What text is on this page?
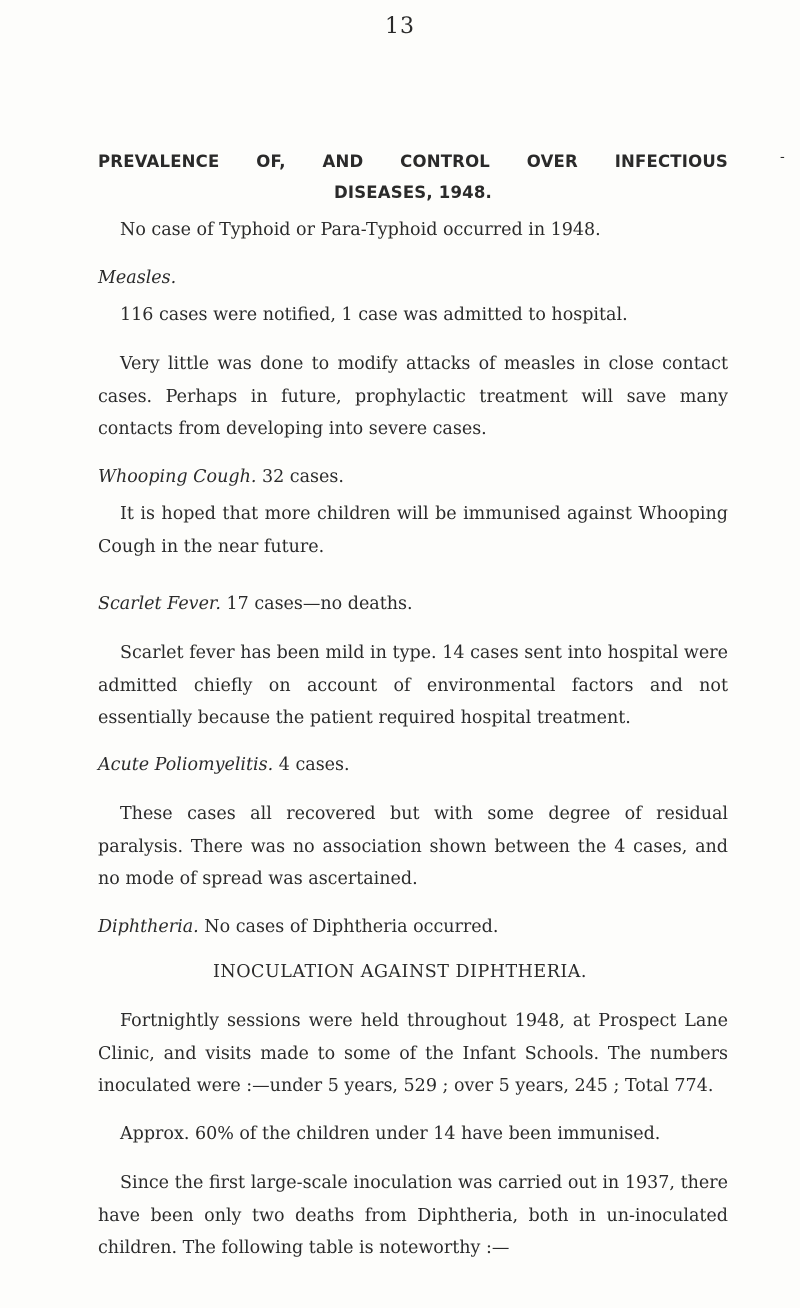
13
-
PREVALENCE OF, AND CONTROL OVER INFECTIOUS
DISEASES, 1948.

No case of Typhoid or Para-Typhoid occurred in 1948.

Measles.

116 cases were notified, 1 case was admitted to hospital.

Very little was done to modify attacks of measles in close contact cases. Perhaps in future, prophylactic treatment will save many contacts from developing into severe cases.

Whooping Cough. 32 cases.

It is hoped that more children will be immunised against Whooping Cough in the near future.

Scarlet Fever. 17 cases—no deaths.

Scarlet fever has been mild in type. 14 cases sent into hospital were admitted chiefly on account of environmental factors and not essentially because the patient required hospital treatment.

Acute Poliomyelitis. 4 cases.

These cases all recovered but with some degree of residual paralysis. There was no association shown between the 4 cases, and no mode of spread was ascertained.

Diphtheria. No cases of Diphtheria occurred.

INOCULATION AGAINST DIPHTHERIA.

Fortnightly sessions were held throughout 1948, at Prospect Lane Clinic, and visits made to some of the Infant Schools. The numbers inoculated were :—under 5 years, 529 ; over 5 years, 245 ; Total 774.

Approx. 60% of the children under 14 have been immunised.

Since the first large-scale inoculation was carried out in 1937, there have been only two deaths from Diphtheria, both in un-inoculated children. The following table is noteworthy :—
